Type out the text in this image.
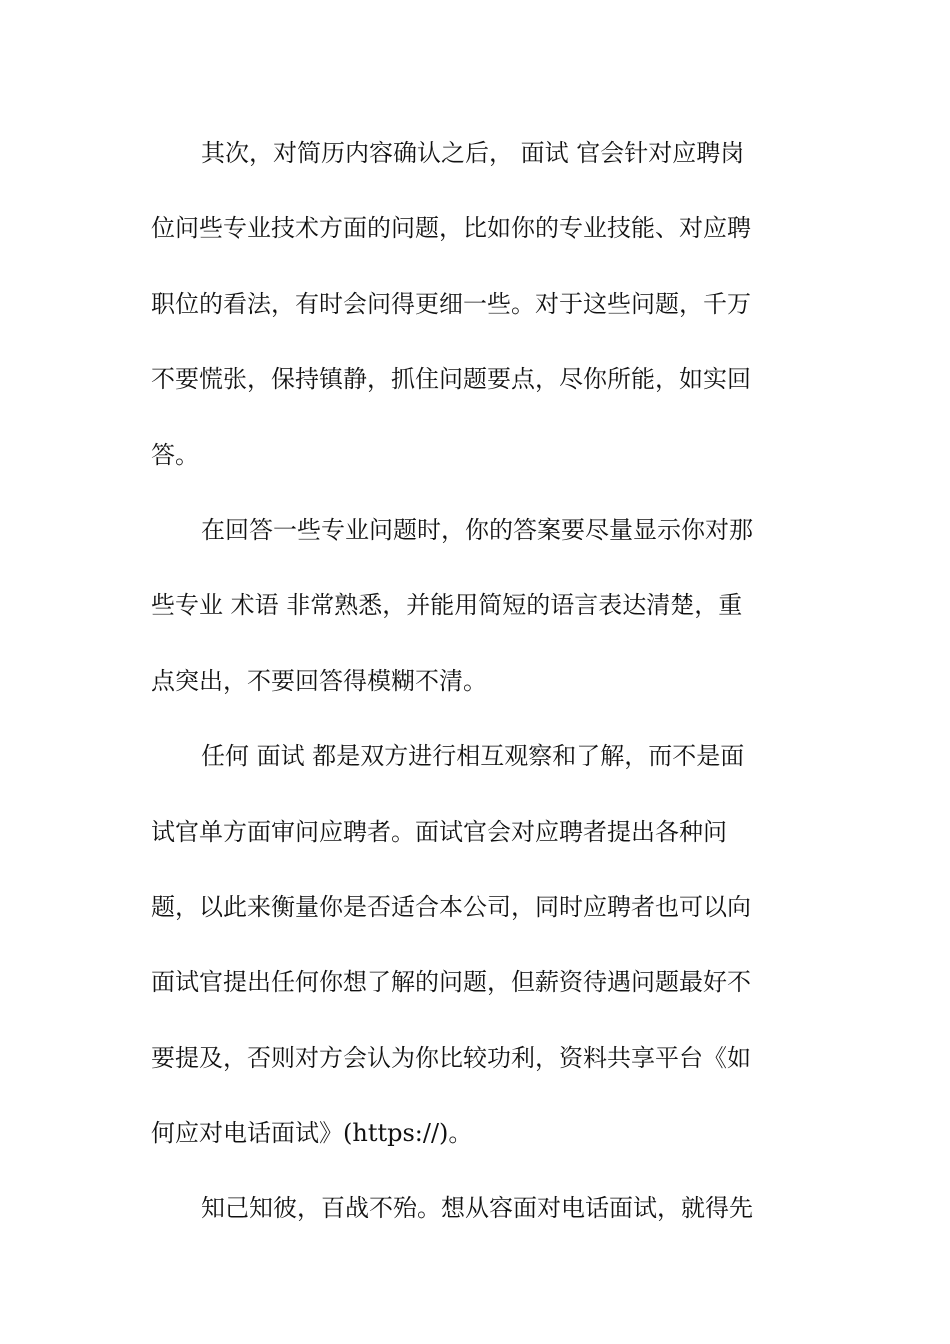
其次，对简历内容确认之后， 面试 官会针对应聘岗
位问些专业技术方面的问题，比如你的专业技能、对应聘
职位的看法，有时会问得更细一些。对于这些问题，千万
不要慌张，保持镇静，抓住问题要点，尽你所能，如实回
答。
在回答一些专业问题时，你的答案要尽量显示你对那
些专业 术语 非常熟悉，并能用简短的语言表达清楚，重
点突出，不要回答得模糊不清。
任何 面试 都是双方进行相互观察和了解，而不是面
试官单方面审问应聘者。面试官会对应聘者提出各种问
题，以此来衡量你是否适合本公司，同时应聘者也可以向
面试官提出任何你想了解的问题，但薪资待遇问题最好不
要提及，否则对方会认为你比较功利，资料共享平台《如
何应对电话面试》(https://)。
知己知彼，百战不殆。想从容面对电话面试，就得先
